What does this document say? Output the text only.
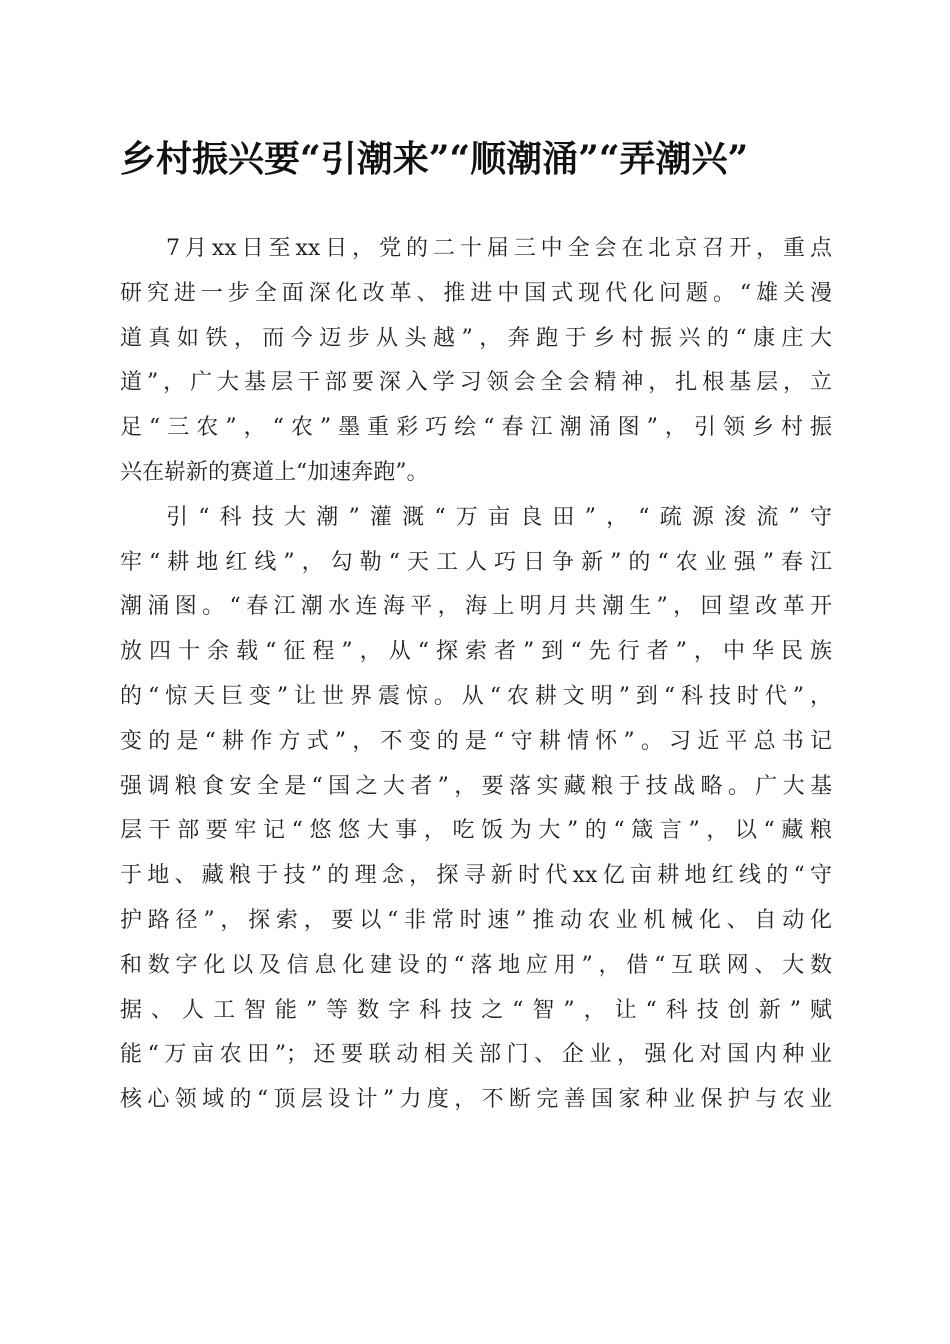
乡村振兴要“引潮来”“顺潮涌”“弄潮兴”
7月xx日至xx日，党的二十届三中全会在北京召开，重点
研究进一步全面深化改革、推进中国式现代化问题。“雄关漫
道真如铁，而今迈步从头越”，奔跑于乡村振兴的“康庄大
道”，广大基层干部要深入学习领会全会精神，扎根基层，立
足“三农”，“农”墨重彩巧绘“春江潮涌图”，引领乡村振
兴在崭新的赛道上“加速奔跑”。
引“科技大潮”灌溉“万亩良田”，“疏源浚流”守
牢“耕地红线”，勾勒“天工人巧日争新”的“农业强”春江
潮涌图。“春江潮水连海平，海上明月共潮生”，回望改革开
放四十余载“征程”，从“探索者”到“先行者”，中华民族
的“惊天巨变”让世界震惊。从“农耕文明”到“科技时代”，
变的是“耕作方式”，不变的是“守耕情怀”。习近平总书记
强调粮食安全是“国之大者”，要落实藏粮于技战略。广大基
层干部要牢记“悠悠大事，吃饭为大”的“箴言”，以“藏粮
于地、藏粮于技”的理念，探寻新时代xx亿亩耕地红线的“守
护路径”，探索，要以“非常时速”推动农业机械化、自动化
和数字化以及信息化建设的“落地应用”，借“互联网、大数
据、人工智能”等数字科技之“智”，让“科技创新”赋
能“万亩农田”；还要联动相关部门、企业，强化对国内种业
核心领域的“顶层设计”力度，不断完善国家种业保护与农业
